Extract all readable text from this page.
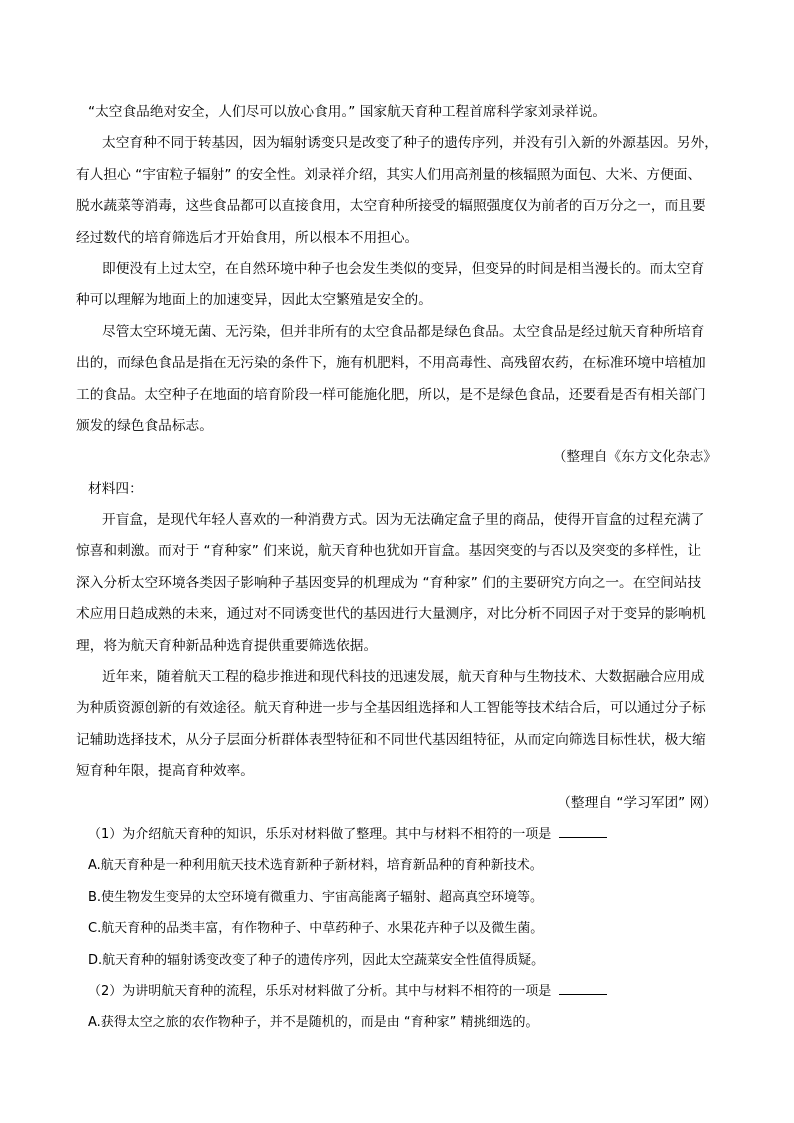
“太空食品绝对安全，人们尽可以放心食用。” 国家航天育种工程首席科学家刘录祥说。
太空育种不同于转基因，因为辐射诱变只是改变了种子的遗传序列，并没有引入新的外源基因。另外，
有人担心 “宇宙粒子辐射” 的安全性。刘录祥介绍，其实人们用高剂量的核辐照为面包、大米、方便面、
脱水蔬菜等消毒，这些食品都可以直接食用，太空育种所接受的辐照强度仅为前者的百万分之一，而且要
经过数代的培育筛选后才开始食用，所以根本不用担心。
即便没有上过太空，在自然环境中种子也会发生类似的变异，但变异的时间是相当漫长的。而太空育
种可以理解为地面上的加速变异，因此太空繁殖是安全的。
尽管太空环境无菌、无污染，但并非所有的太空食品都是绿色食品。太空食品是经过航天育种所培育
出的，而绿色食品是指在无污染的条件下，施有机肥料，不用高毒性、高残留农药，在标准环境中培植加
工的食品。太空种子在地面的培育阶段一样可能施化肥，所以，是不是绿色食品，还要看是否有相关部门
颁发的绿色食品标志。
（整理自《东方文化杂志》
材料四：
开盲盒，是现代年轻人喜欢的一种消费方式。因为无法确定盒子里的商品，使得开盲盒的过程充满了
惊喜和刺激。而对于 “育种家” 们来说，航天育种也犹如开盲盒。基因突变的与否以及突变的多样性，让
深入分析太空环境各类因子影响种子基因变异的机理成为 “育种家” 们的主要研究方向之一。在空间站技
术应用日趋成熟的未来，通过对不同诱变世代的基因进行大量测序，对比分析不同因子对于变异的影响机
理，将为航天育种新品种选育提供重要筛选依据。
近年来，随着航天工程的稳步推进和现代科技的迅速发展，航天育种与生物技术、大数据融合应用成
为种质资源创新的有效途径。航天育种进一步与全基因组选择和人工智能等技术结合后，可以通过分子标
记辅助选择技术，从分子层面分析群体表型特征和不同世代基因组特征，从而定向筛选目标性状，极大缩
短育种年限，提高育种效率。
（整理自 “学习军团” 网）
（1）为介绍航天育种的知识，乐乐对材料做了整理。其中与材料不相符的一项是
A.航天育种是一种利用航天技术选育新种子新材料，培育新品种的育种新技术。
B.使生物发生变异的太空环境有微重力、宇宙高能离子辐射、超高真空环境等。
C.航天育种的品类丰富，有作物种子、中草药种子、水果花卉种子以及微生菌。
D.航天育种的辐射诱变改变了种子的遗传序列，因此太空蔬菜安全性值得质疑。
（2）为讲明航天育种的流程，乐乐对材料做了分析。其中与材料不相符的一项是
A.获得太空之旅的农作物种子，并不是随机的，而是由 “育种家” 精挑细选的。
